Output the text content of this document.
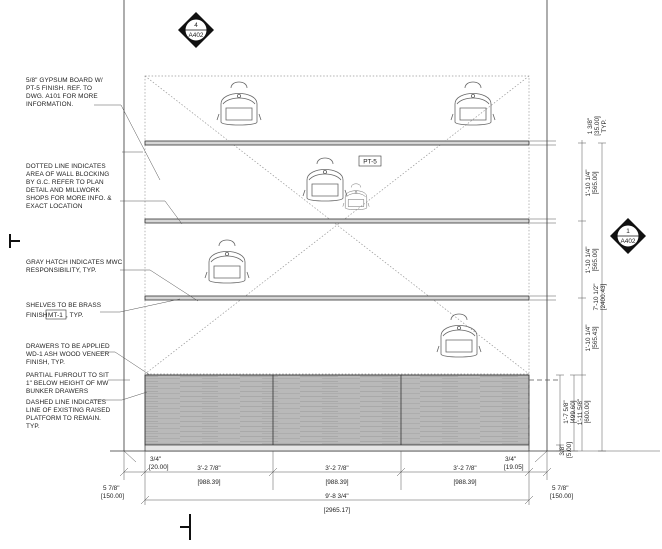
PT-5
4
A402
1
A402
5/8" GYPSUM BOARD W/
PT-5 FINISH. REF. TO
DWG. A101 FOR MORE
INFORMATION.
DOTTED LINE INDICATES
AREA OF WALL BLOCKING
BY G.C. REFER TO PLAN
DETAIL AND MILLWORK
SHOPS FOR MORE INFO. &
EXACT LOCATION
GRAY HATCH INDICATES MWC
RESPONSIBILITY, TYP.
SHELVES TO BE BRASS
FINISH MT-1 , TYP.
DRAWERS TO BE APPLIED
WD-1 ASH WOOD VENEER
FINISH, TYP.
PARTIAL FURROUT TO SIT
1" BELOW HEIGHT OF MW
BUNKER DRAWERS
DASHED LINE INDICATES
LINE OF EXISTING RAISED
PLATFORM TO REMAIN.
TYP.
1 3/8" [35.00] TYP.
1'-10 1/4" [565.00]
1'-10 1/4" [565.00]
1'-10 1/4" [565.43]
7'-10 1/2" [2400.43]
1'-7 5/8" [499.60] 1'-11 5/8" [600.00]
3/8" [5.00]
3/4"
[20.00]
3/4"
[19.05]
3'-2 7/8"
[988.39]
3'-2 7/8"
[988.39]
3'-2 7/8"
[988.39]
9'-8 3/4"
[2965.17]
5 7/8"
[150.00]
5 7/8"
[150.00]
